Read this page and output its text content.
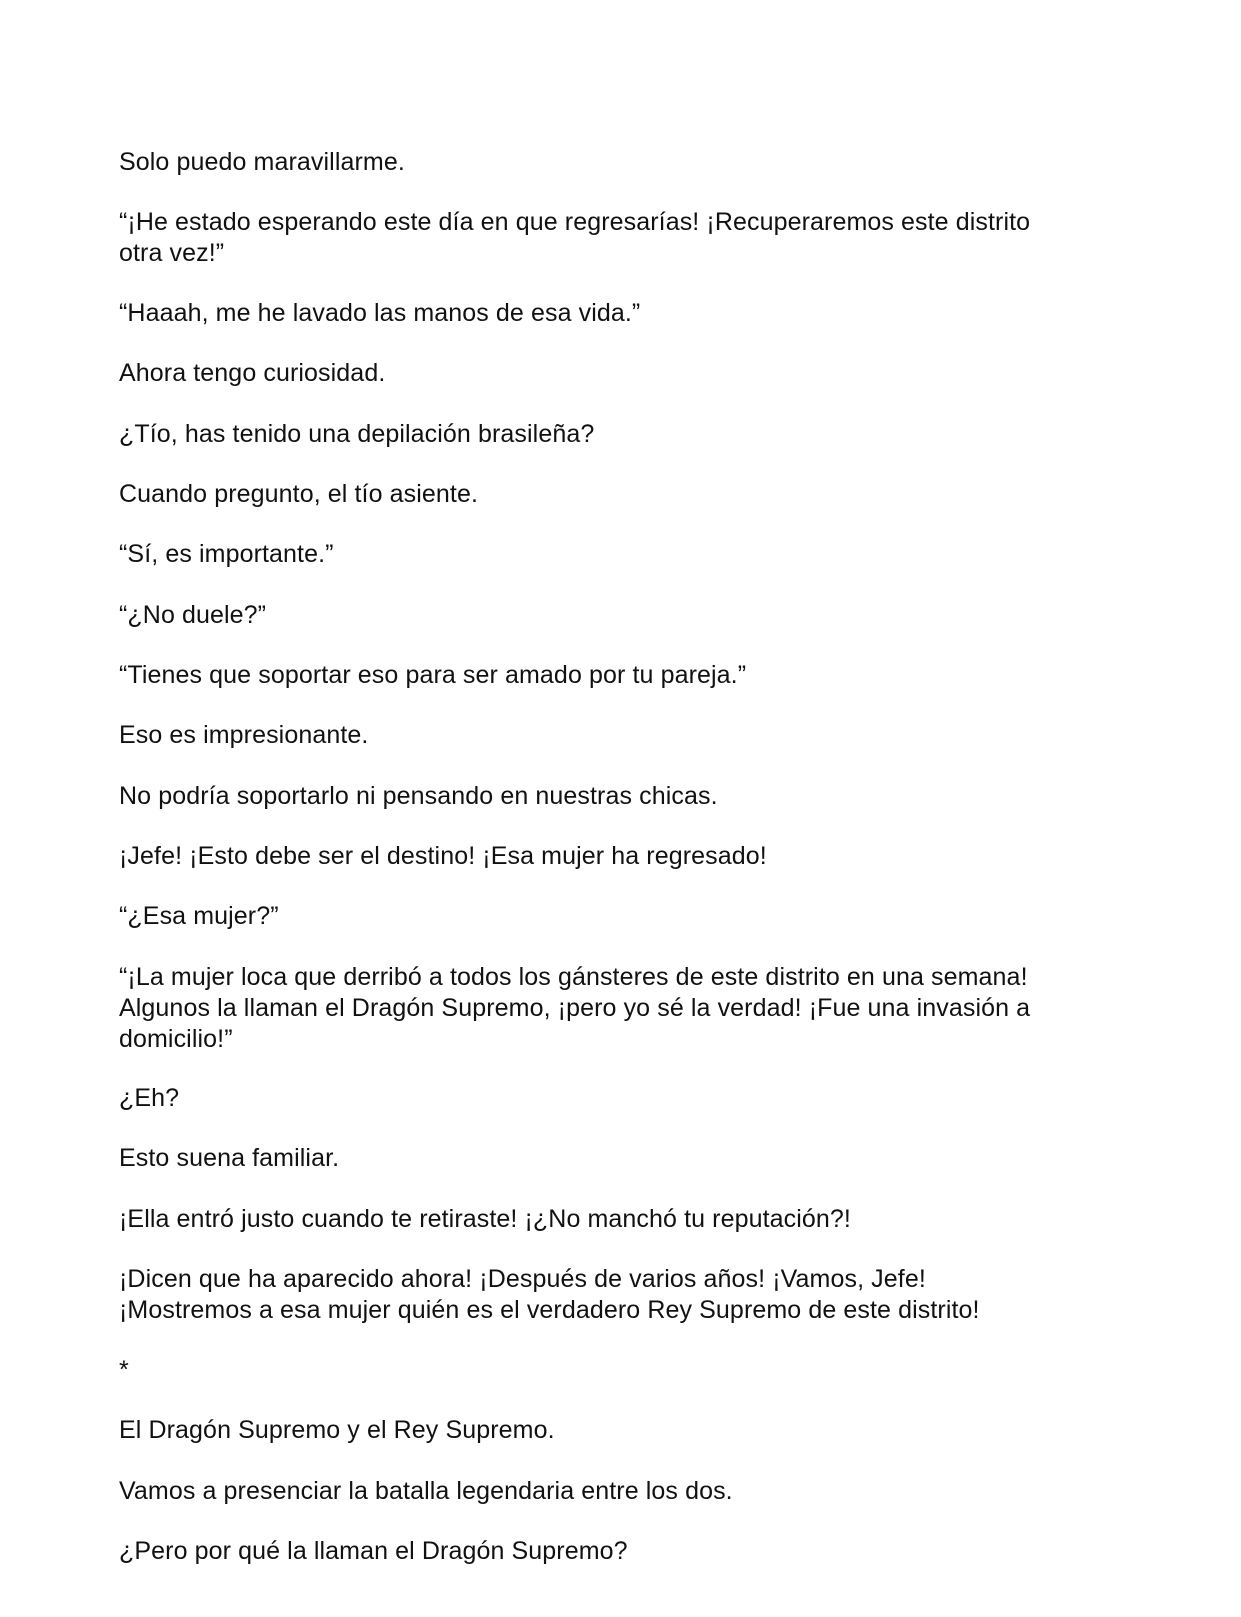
Solo puedo maravillarme.

“¡He estado esperando este día en que regresarías! ¡Recuperaremos este distrito
otra vez!”

“Haaah, me he lavado las manos de esa vida.”

Ahora tengo curiosidad.

¿Tío, has tenido una depilación brasileña?

Cuando pregunto, el tío asiente.

“Sí, es importante.”

“¿No duele?”

“Tienes que soportar eso para ser amado por tu pareja.”

Eso es impresionante.

No podría soportarlo ni pensando en nuestras chicas.

¡Jefe! ¡Esto debe ser el destino! ¡Esa mujer ha regresado!

“¿Esa mujer?”

“¡La mujer loca que derribó a todos los gánsteres de este distrito en una semana!
Algunos la llaman el Dragón Supremo, ¡pero yo sé la verdad! ¡Fue una invasión a
domicilio!”

¿Eh?

Esto suena familiar.

¡Ella entró justo cuando te retiraste! ¡¿No manchó tu reputación?!

¡Dicen que ha aparecido ahora! ¡Después de varios años! ¡Vamos, Jefe!
¡Mostremos a esa mujer quién es el verdadero Rey Supremo de este distrito!

*

El Dragón Supremo y el Rey Supremo.

Vamos a presenciar la batalla legendaria entre los dos.

¿Pero por qué la llaman el Dragón Supremo?
